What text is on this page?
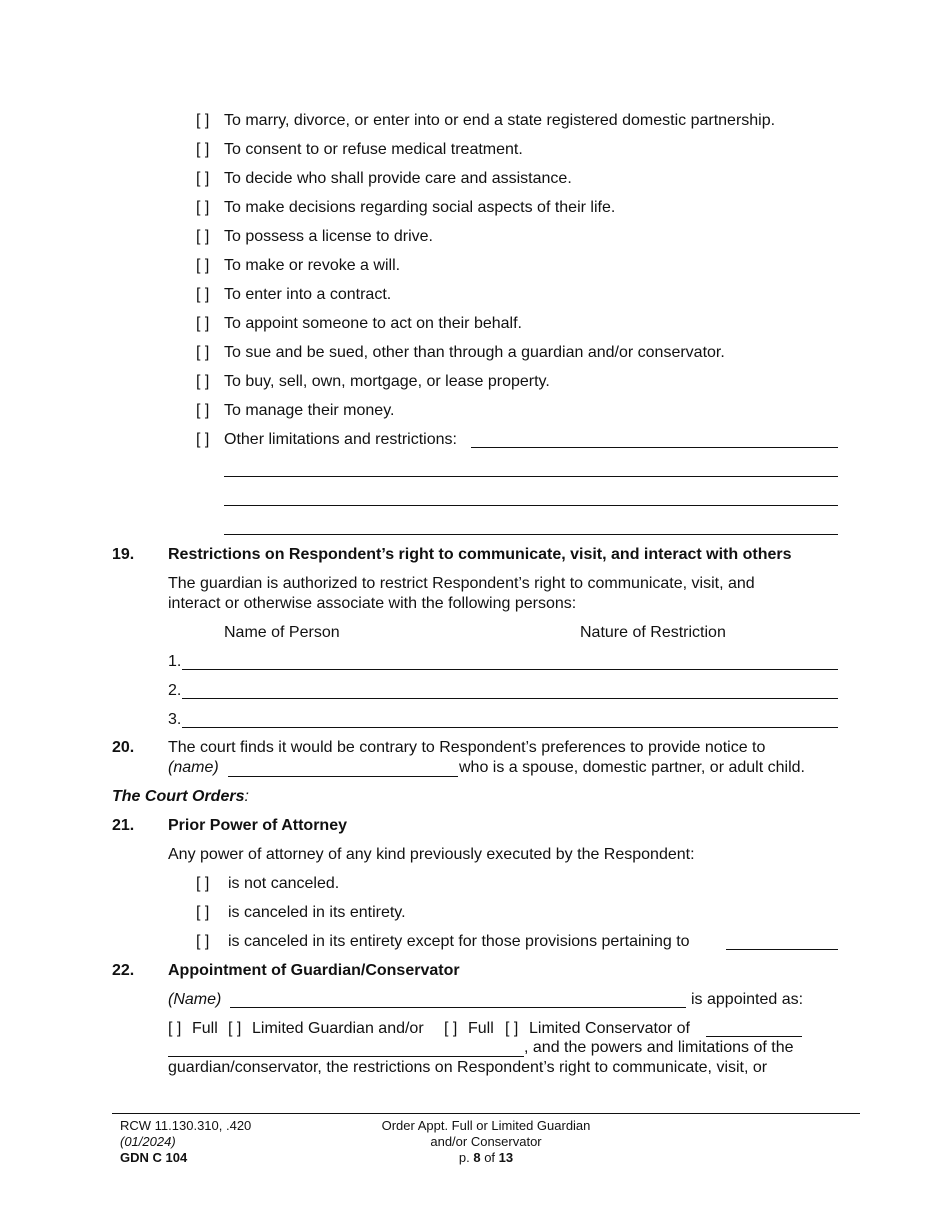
[ ] To marry, divorce, or enter into or end a state registered domestic partnership.
[ ] To consent to or refuse medical treatment.
[ ] To decide who shall provide care and assistance.
[ ] To make decisions regarding social aspects of their life.
[ ] To possess a license to drive.
[ ] To make or revoke a will.
[ ] To enter into a contract.
[ ] To appoint someone to act on their behalf.
[ ] To sue and be sued, other than through a guardian and/or conservator.
[ ] To buy, sell, own, mortgage, or lease property.
[ ] To manage their money.
[ ] Other limitations and restrictions:
19. Restrictions on Respondent’s right to communicate, visit, and interact with others
The guardian is authorized to restrict Respondent’s right to communicate, visit, and
interact or otherwise associate with the following persons:
Name of Person	Nature of Restriction
1.
2.
3.
20. The court finds it would be contrary to Respondent’s preferences to provide notice to
(name)	who is a spouse, domestic partner, or adult child.
The Court Orders:
21. Prior Power of Attorney
Any power of attorney of any kind previously executed by the Respondent:
[ ] is not canceled.
[ ] is canceled in its entirety.
[ ] is canceled in its entirety except for those provisions pertaining to
22. Appointment of Guardian/Conservator
(Name)	is appointed as:
[ ] Full [ ] Limited Guardian and/or [ ] Full [ ] Limited Conservator of
, and the powers and limitations of the
guardian/conservator, the restrictions on Respondent’s right to communicate, visit, or
RCW 11.130.310, .420
(01/2024)
GDN C 104
Order Appt. Full or Limited Guardian
and/or Conservator
p. 8 of 13
